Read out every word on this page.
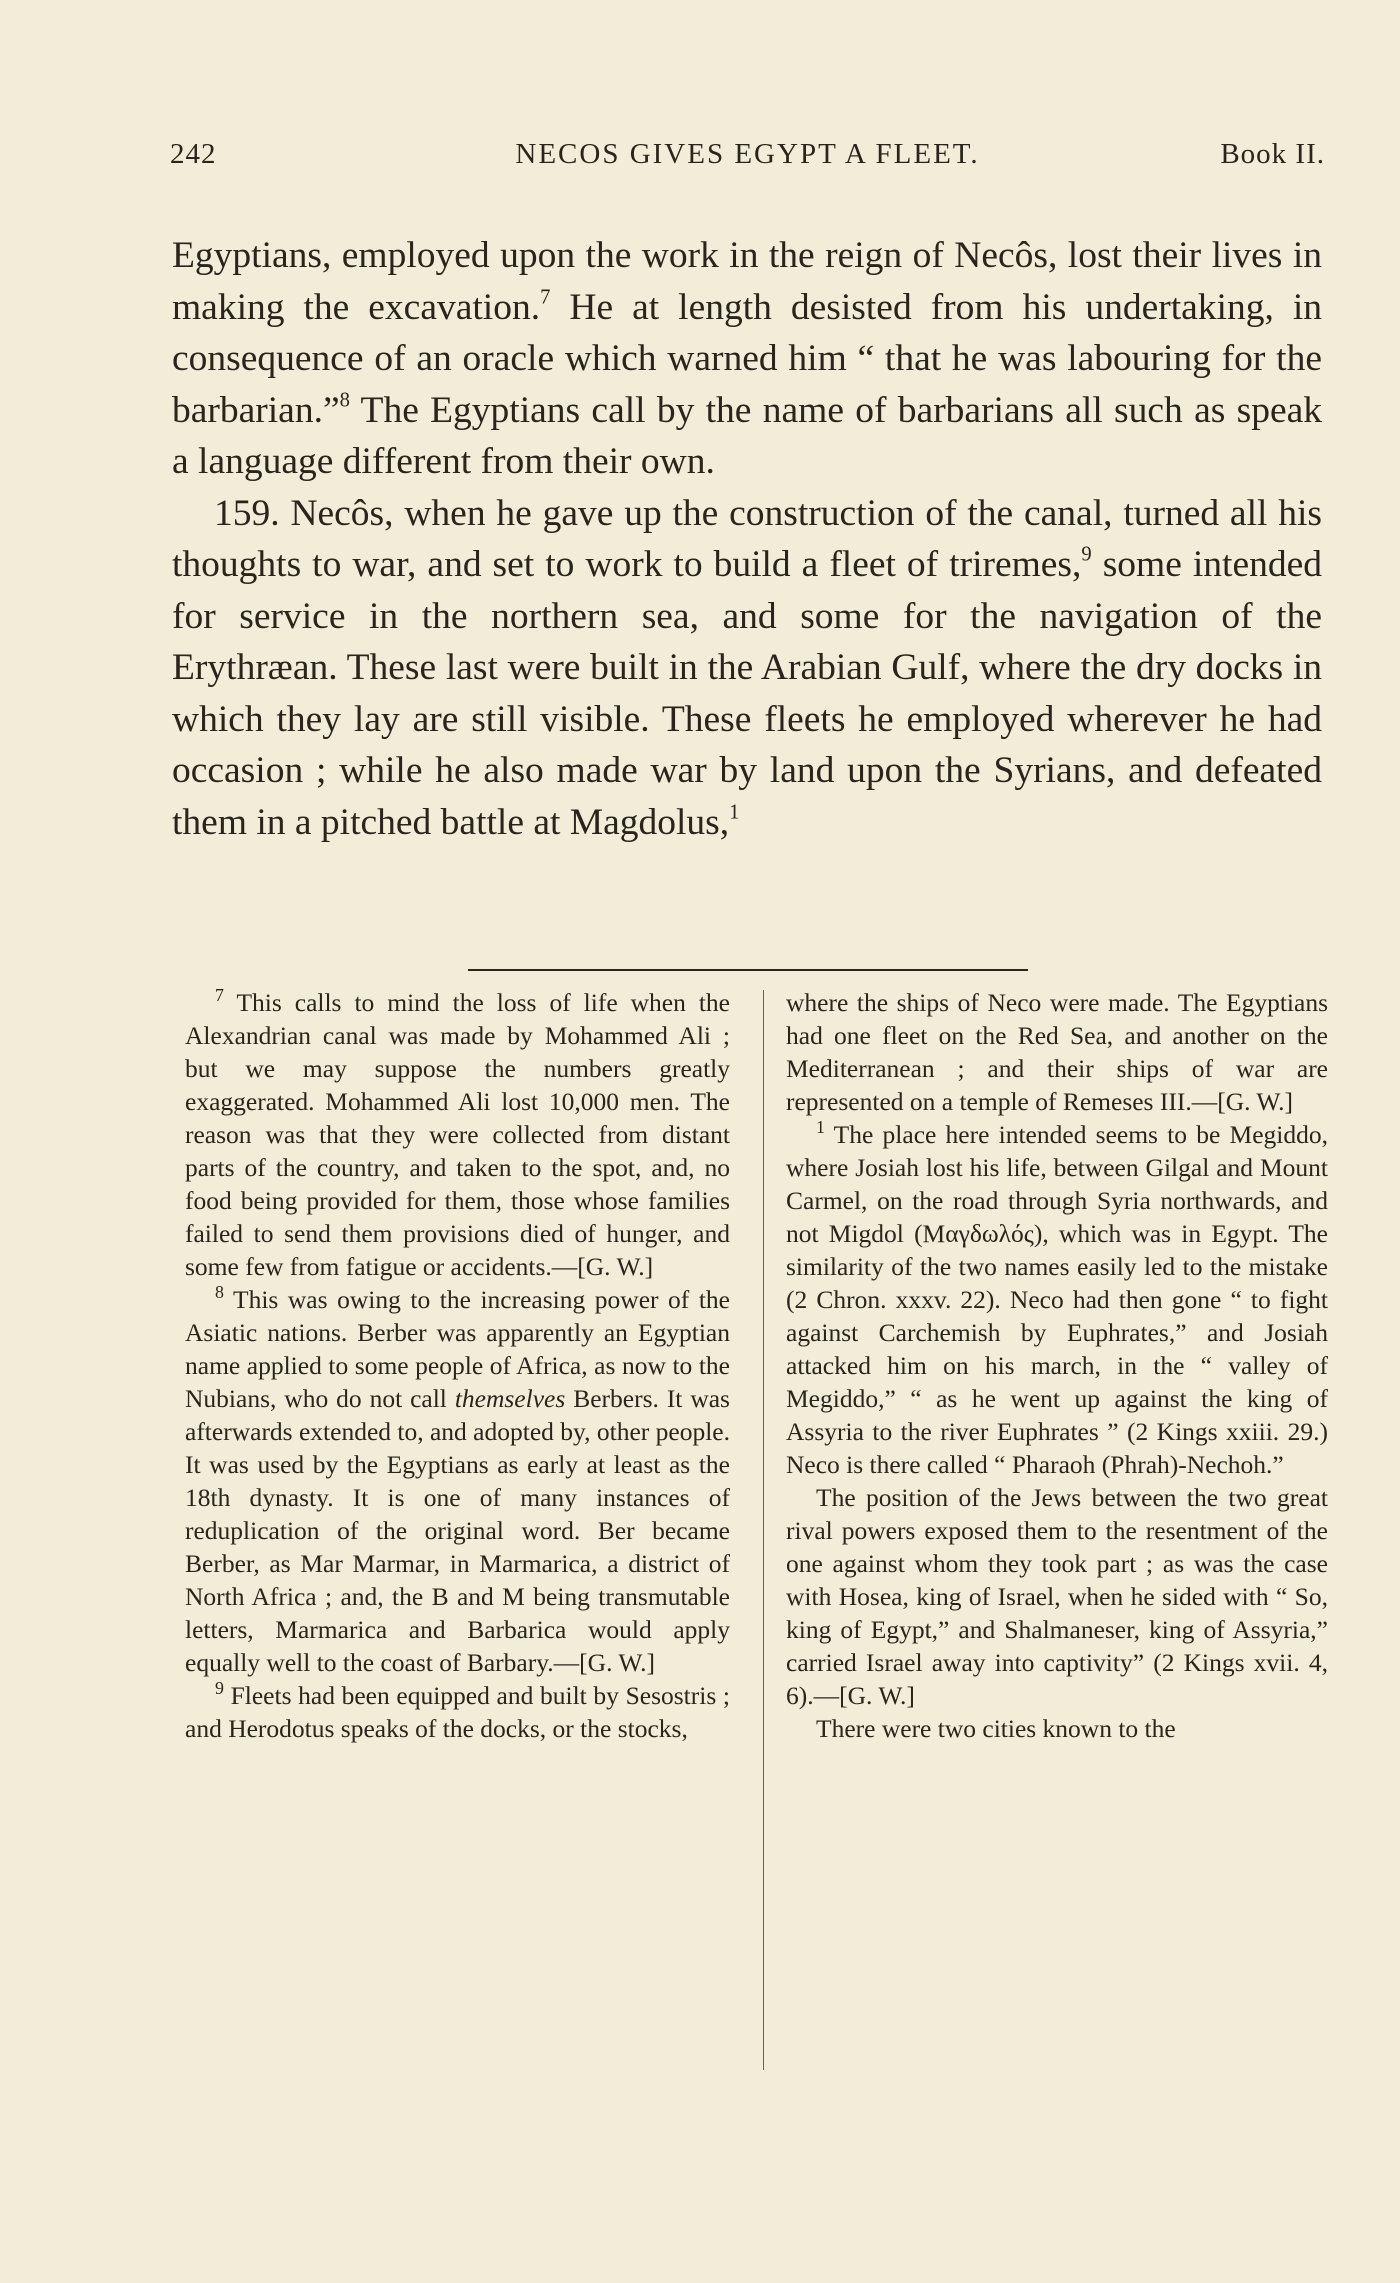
242	NECOS GIVES EGYPT A FLEET.	Book II.

Egyptians, employed upon the work in the reign of Necôs, lost their lives in making the excavation.$^7$ He at length desisted from his undertaking, in consequence of an oracle which warned him “ that he was labouring for the barbarian.”$^8$ The Egyptians call by the name of barbarians all such as speak a language different from their own.

159. Necôs, when he gave up the construction of the canal, turned all his thoughts to war, and set to work to build a fleet of triremes,$^9$ some intended for service in the northern sea, and some for the navigation of the Erythræan. These last were built in the Arabian Gulf, where the dry docks in which they lay are still visible. These fleets he employed wherever he had occasion ; while he also made war by land upon the Syrians, and defeated them in a pitched battle at Magdolus,$^1$

$^7$ This calls to mind the loss of life when the Alexandrian canal was made by Mohammed Ali ; but we may suppose the numbers greatly exaggerated. Mohammed Ali lost 10,000 men. The reason was that they were collected from distant parts of the country, and taken to the spot, and, no food being provided for them, those whose families failed to send them provisions died of hunger, and some few from fatigue or accidents.—[G. W.]

$^8$ This was owing to the increasing power of the Asiatic nations. Berber was apparently an Egyptian name applied to some people of Africa, as now to the Nubians, who do not call themselves Berbers. It was afterwards extended to, and adopted by, other people. It was used by the Egyptians as early at least as the 18th dynasty. It is one of many instances of reduplication of the original word. Ber became Berber, as Mar Marmar, in Marmarica, a district of North Africa ; and, the B and M being transmutable letters, Marmarica and Barbarica would apply equally well to the coast of Barbary.—[G. W.]

$^9$ Fleets had been equipped and built by Sesostris ; and Herodotus speaks of the docks, or the stocks,

where the ships of Neco were made. The Egyptians had one fleet on the Red Sea, and another on the Mediterranean ; and their ships of war are represented on a temple of Remeses III.—[G. W.]

$^1$ The place here intended seems to be Megiddo, where Josiah lost his life, between Gilgal and Mount Carmel, on the road through Syria northwards, and not Migdol (Μαγδωλός), which was in Egypt. The similarity of the two names easily led to the mistake (2 Chron. xxxv. 22). Neco had then gone “ to fight against Carchemish by Euphrates,” and Josiah attacked him on his march, in the “ valley of Megiddo,” “ as he went up against the king of Assyria to the river Euphrates ” (2 Kings xxiii. 29.) Neco is there called “ Pharaoh (Phrah)-Nechoh.”

The position of the Jews between the two great rival powers exposed them to the resentment of the one against whom they took part ; as was the case with Hosea, king of Israel, when he sided with “ So, king of Egypt,” and Shalmaneser, king of Assyria,” carried Israel away into captivity” (2 Kings xvii. 4, 6).—[G. W.]

There were two cities known to the
